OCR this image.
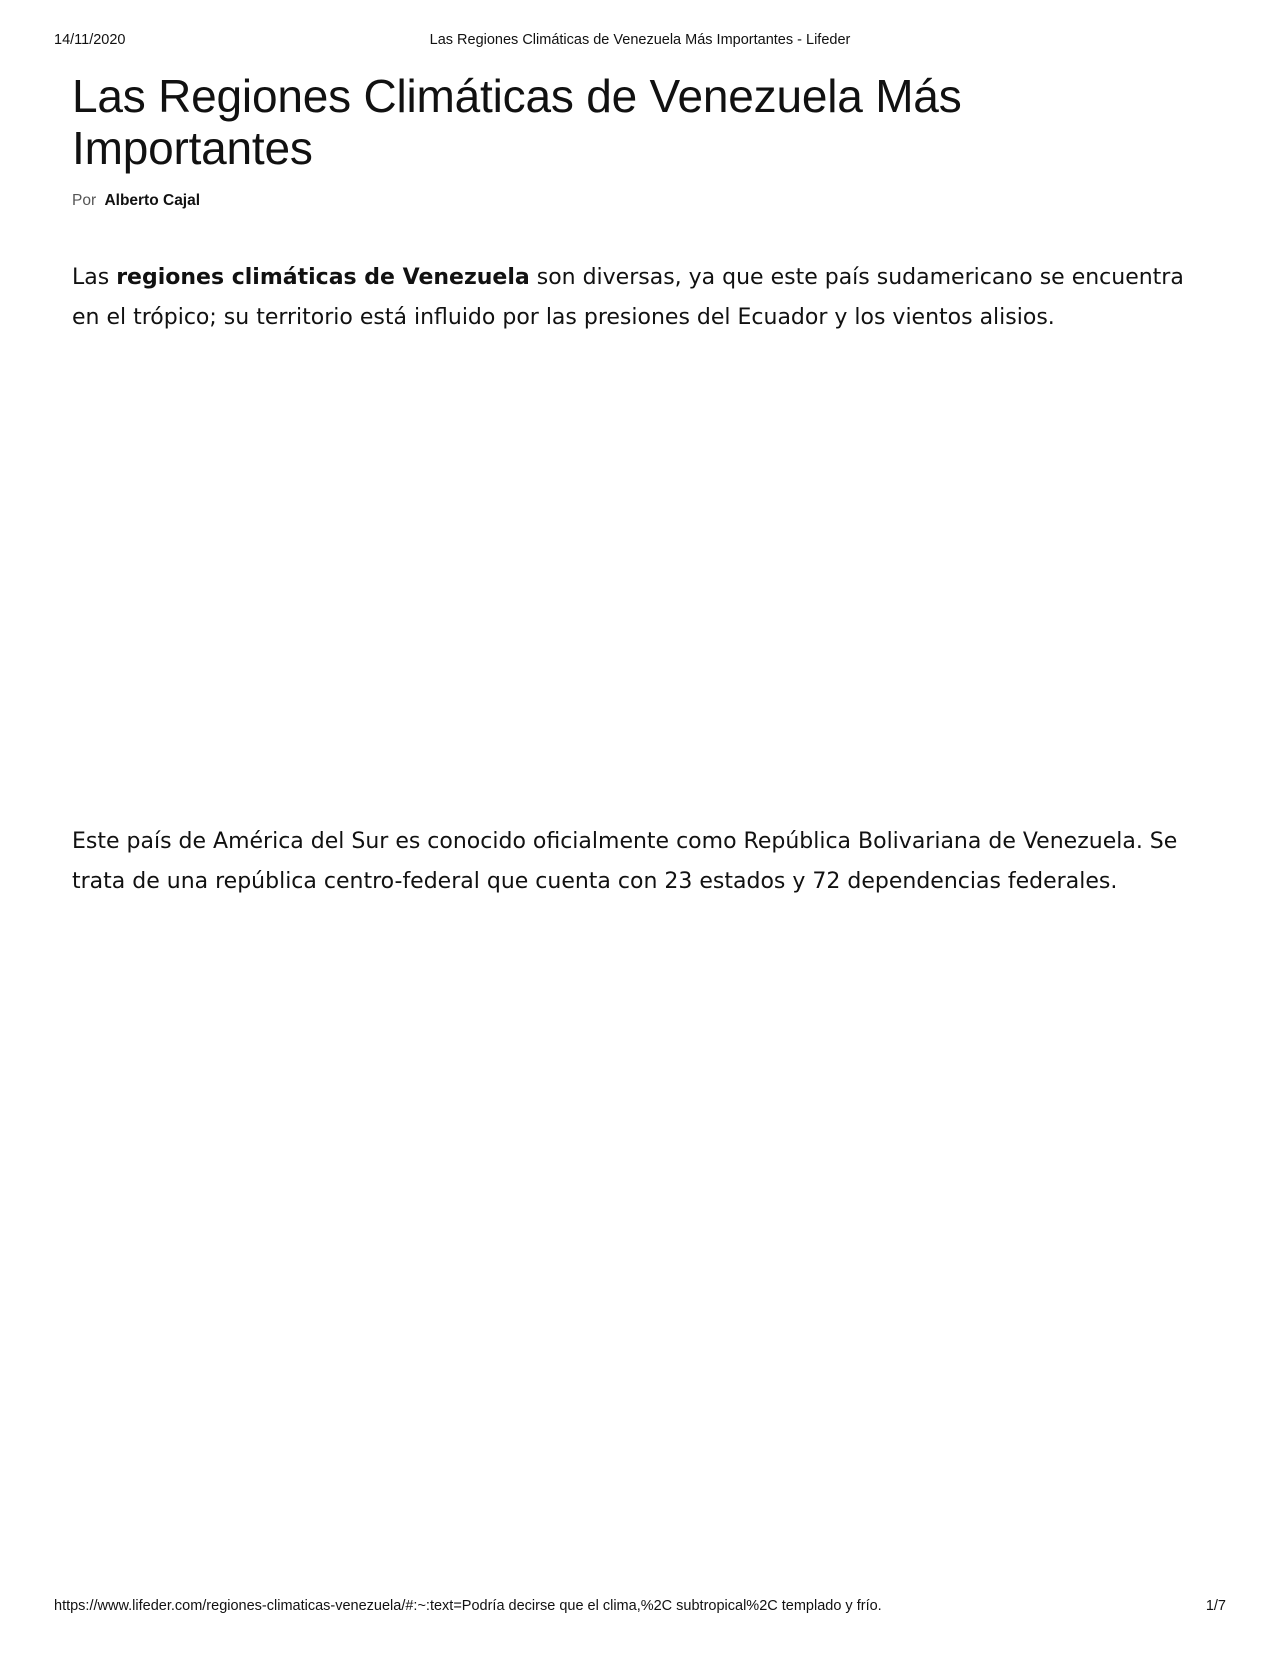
14/11/2020	Las Regiones Climáticas de Venezuela Más Importantes - Lifeder
Las Regiones Climáticas de Venezuela Más Importantes
Por Alberto Cajal

Las regiones climáticas de Venezuela son diversas, ya que este país sudamericano se encuentra en el trópico; su territorio está influido por las presiones del Ecuador y los vientos alisios.

Este país de América del Sur es conocido oficialmente como República Bolivariana de Venezuela. Se trata de una república centro-federal que cuenta con 23 estados y 72 dependencias federales.

https://www.lifeder.com/regiones-climaticas-venezuela/#:~:text=Podría decirse que el clima,%2C subtropical%2C templado y frío.	1/7
